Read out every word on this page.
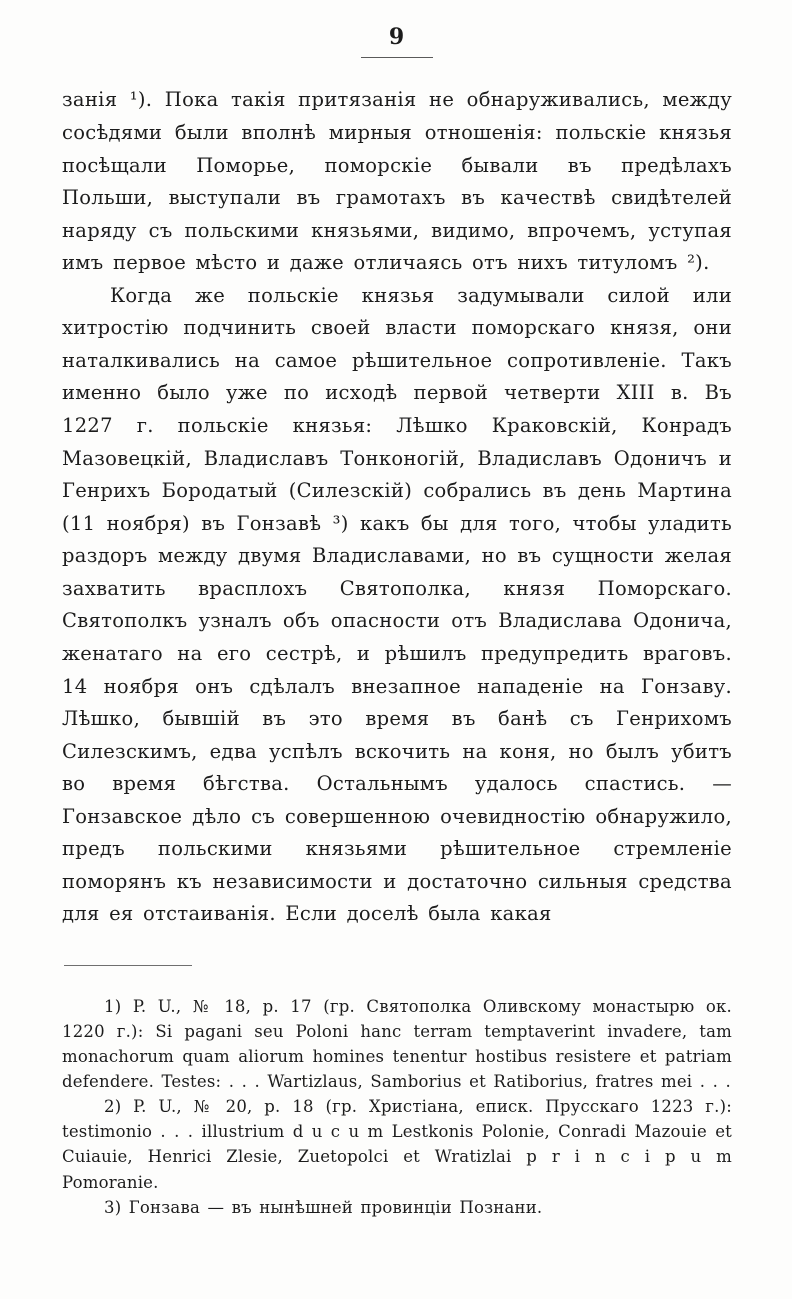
9

занія ¹). Пока такія притязанія не обнаруживались, между сосѣдями были вполнѣ мирныя отношенія: польскіе князья посѣщали Поморье, поморскіе бывали въ предѣлахъ Польши, выступали въ грамотахъ въ качествѣ свидѣтелей наряду съ польскими князьями, видимо, впрочемъ, уступая имъ первое мѣсто и даже отличаясь отъ нихъ титуломъ ²).

Когда же польскіе князья задумывали силой или хитростію подчинить своей власти поморскаго князя, они наталкивались на самое рѣшительное сопротивленіе. Такъ именно было уже по исходѣ первой четверти XIII в. Въ 1227 г. польскіе князья: Лѣшко Краковскій, Конрадъ Мазовецкій, Владиславъ Тонконогій, Владиславъ Одоничъ и Генрихъ Бородатый (Силезскій) собрались въ день Мартина (11 ноября) въ Гонзавѣ ³) какъ бы для того, чтобы уладить раздоръ между двумя Владиславами, но въ сущности желая захватить врасплохъ Святополка, князя Поморскаго. Святополкъ узналъ объ опасности отъ Владислава Одонича, женатаго на его сестрѣ, и рѣшилъ предупредить враговъ. 14 ноября онъ сдѣлалъ внезапное нападеніе на Гонзаву. Лѣшко, бывшій въ это время въ банѣ съ Генрихомъ Силезскимъ, едва успѣлъ вскочить на коня, но былъ убитъ во время бѣгства. Остальнымъ удалось спастись. — Гонзавское дѣло съ совершенною очевидностію обнаружило, предъ польскими князьями рѣшительное стремленіе поморянъ къ независимости и достаточно сильныя средства для ея отстаиванія. Если доселѣ была какая

1) P. U., № 18, p. 17 (гр. Святополка Оливскому монастырю ок. 1220 г.): Si pagani seu Poloni hanc terram temptaverint invadere, tam monachorum quam aliorum homines tenentur hostibus resistere et patriam defendere. Testes: . . . Wartizlaus, Samborius et Ratiborius, fratres mei . . .

2) P. U., № 20, p. 18 (гр. Христіана, еписк. Прусскаго 1223 г.): testimonio . . . illustrium d u c u m Lestkonis Polonie, Conradi Mazouie et Cuiauie, Henrici Zlesie, Zuetopolci et Wratizlai p r i n c i p u m Pomoranie.

3) Гонзава — въ нынѣшней провинціи Познани.
